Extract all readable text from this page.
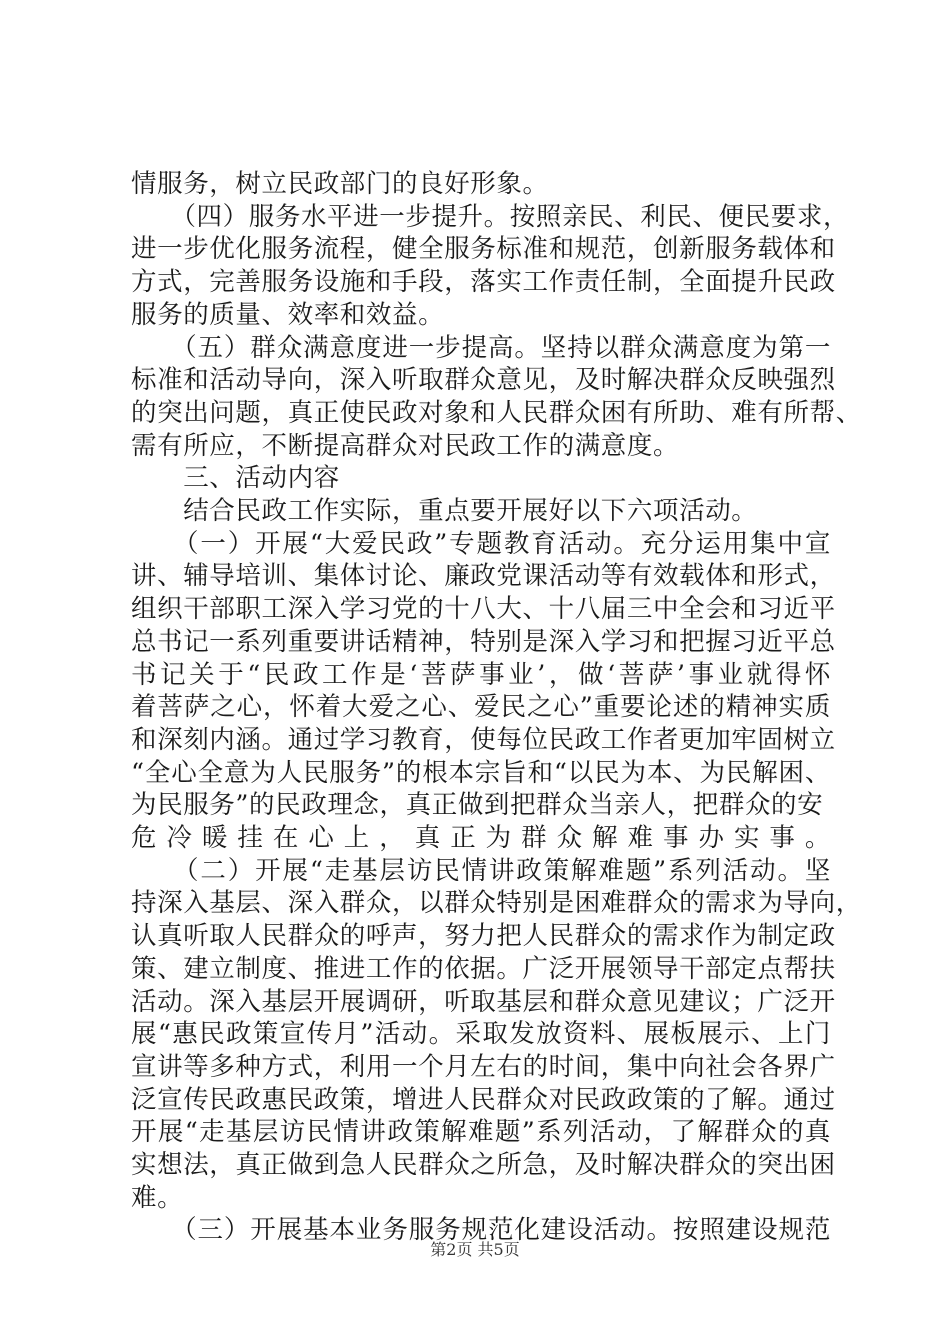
情服务，树立民政部门的良好形象。
　　（四）服务水平进一步提升。按照亲民、利民、便民要求，
进一步优化服务流程，健全服务标准和规范，创新服务载体和
方式，完善服务设施和手段，落实工作责任制，全面提升民政
服务的质量、效率和效益。
　　（五）群众满意度进一步提高。坚持以群众满意度为第一
标准和活动导向，深入听取群众意见，及时解决群众反映强烈
的突出问题，真正使民政对象和人民群众困有所助、难有所帮、
需有所应，不断提高群众对民政工作的满意度。
　　三、活动内容
　　结合民政工作实际，重点要开展好以下六项活动。
　　（一）开展“大爱民政”专题教育活动。充分运用集中宣
讲、辅导培训、集体讨论、廉政党课活动等有效载体和形式，
组织干部职工深入学习党的十八大、十八届三中全会和习近平
总书记一系列重要讲话精神，特别是深入学习和把握习近平总
书记关于“民政工作是‘菩萨事业’，做‘菩萨’事业就得怀
着菩萨之心，怀着大爱之心、爱民之心”重要论述的精神实质
和深刻内涵。通过学习教育，使每位民政工作者更加牢固树立
“全心全意为人民服务”的根本宗旨和“以民为本、为民解困、
为民服务”的民政理念，真正做到把群众当亲人，把群众的安
危冷暖挂在心上，真正为群众解难事办实事。
　　（二）开展“走基层访民情讲政策解难题”系列活动。坚
持深入基层、深入群众，以群众特别是困难群众的需求为导向，
认真听取人民群众的呼声，努力把人民群众的需求作为制定政
策、建立制度、推进工作的依据。广泛开展领导干部定点帮扶
活动。深入基层开展调研，听取基层和群众意见建议；广泛开
展“惠民政策宣传月”活动。采取发放资料、展板展示、上门
宣讲等多种方式，利用一个月左右的时间，集中向社会各界广
泛宣传民政惠民政策，增进人民群众对民政政策的了解。通过
开展“走基层访民情讲政策解难题”系列活动，了解群众的真
实想法，真正做到急人民群众之所急，及时解决群众的突出困
难。
　　（三）开展基本业务服务规范化建设活动。按照建设规范
第2页 共5页
